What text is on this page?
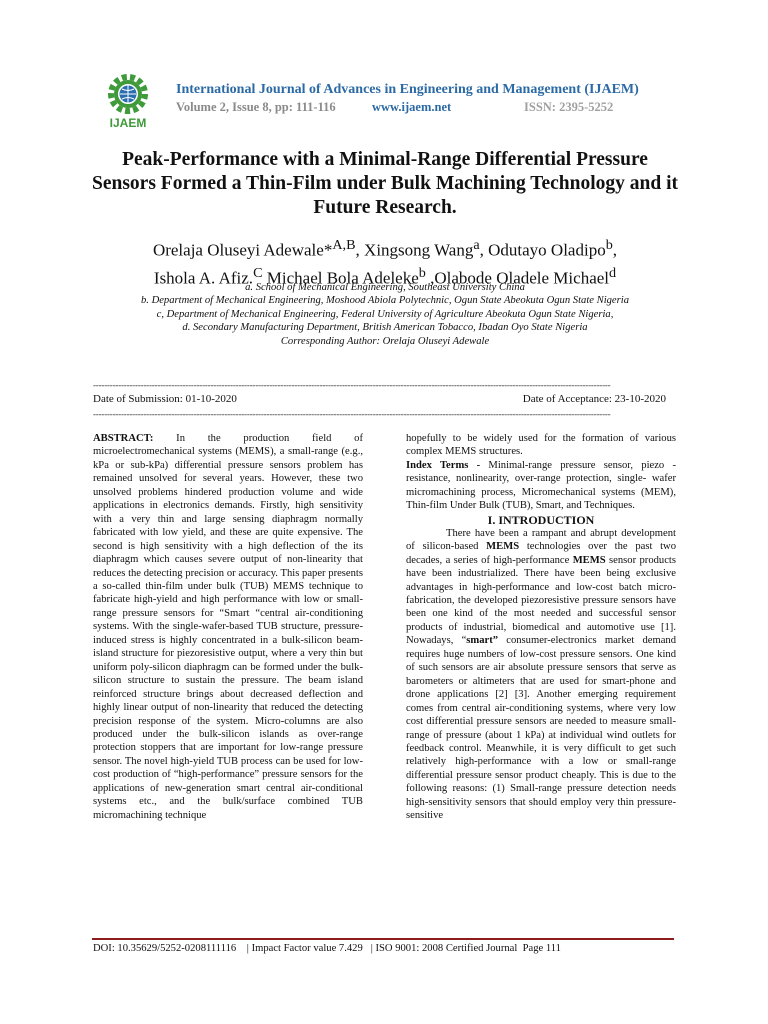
IJAEM
International Journal of Advances in Engineering and Management (IJAEM)
Volume 2, Issue 8, pp: 111-116	www.ijaem.net	ISSN: 2395-5252
Peak-Performance with a Minimal-Range Differential Pressure Sensors Formed a Thin-Film under Bulk Machining Technology and it Future Research.
Orelaja Oluseyi Adewale*$^{A,B}$, Xingsong Wang$^a$, Odutayo Oladipo$^b$,
Ishola A. Afiz.$^C$ Michael Bola Adeleke$^b$ ,Olabode Oladele Michael$^d$
a. School of Mechanical Engineering, Southeast University China
b. Department of Mechanical Engineering, Moshood Abiola Polytechnic, Ogun State Abeokuta Ogun State Nigeria
c, Department of Mechanical Engineering, Federal University of Agriculture Abeokuta Ogun State Nigeria,
d. Secondary Manufacturing Department, British American Tobacco, Ibadan Oyo State Nigeria
Corresponding Author: Orelaja Oluseyi Adewale
-----------------------------------------------------------------------------------------------------------------------------------------------------------------------------------------
Date of Submission: 01-10-2020	Date of Acceptance: 23-10-2020
-----------------------------------------------------------------------------------------------------------------------------------------------------------------------------------------

ABSTRACT: In the production field of microelectromechanical systems (MEMS), a small-range (e.g., kPa or sub-kPa) differential pressure sensors problem has remained unsolved for several years. However, these two unsolved problems hindered production volume and wide applications in electronics demands. Firstly, high sensitivity with a very thin and large sensing diaphragm normally fabricated with low yield, and these are quite expensive. The second is high sensitivity with a high deflection of the its diaphragm which causes severe output of non-linearity that reduces the detecting precision or accuracy. This paper presents a so-called thin-film under bulk (TUB) MEMS technique to fabricate high-yield and high performance with low or small-range pressure sensors for “Smart “central air-conditioning systems. With the single-wafer-based TUB structure, pressure-induced stress is highly concentrated in a bulk-silicon beam-island structure for piezoresistive output, where a very thin but uniform poly-silicon diaphragm can be formed under the bulk-silicon structure to sustain the pressure. The beam island reinforced structure brings about decreased deflection and highly linear output of non-linearity that reduced the detecting precision response of the system. Micro-columns are also produced under the bulk-silicon islands as over-range protection stoppers that are important for low-range pressure sensor. The novel high-yield TUB process can be used for low-cost production of “high-performance” pressure sensors for the applications of new-generation smart central air-conditional systems etc., and the bulk/surface combined TUB micromachining technique

hopefully to be widely used for the formation of various complex MEMS structures.

Index Terms - Minimal-range pressure sensor, piezo - resistance, nonlinearity, over-range protection, single- wafer micromachining process, Micromechanical systems (MEM), Thin-film Under Bulk (TUB), Smart, and Techniques.

I. INTRODUCTION

There have been a rampant and abrupt development of silicon-based MEMS technologies over the past two decades, a series of high-performance MEMS sensor products have been industrialized. There have been being exclusive advantages in high-performance and low-cost batch micro-fabrication, the developed piezoresistive pressure sensors have been one kind of the most needed and successful sensor products of industrial, biomedical and automotive use [1]. Nowadays, “smart” consumer-electronics market demand requires huge numbers of low-cost pressure sensors. One kind of such sensors are air absolute pressure sensors that serve as barometers or altimeters that are used for smart-phone and drone applications [2] [3]. Another emerging requirement comes from central air-conditioning systems, where very low cost differential pressure sensors are needed to measure small-range of pressure (about 1 kPa) at individual wind outlets for feedback control. Meanwhile, it is very difficult to get such relatively high-performance with a low or small-range differential pressure sensor product cheaply. This is due to the following reasons: (1) Small-range pressure detection needs high-sensitivity sensors that should employ very thin pressure-sensitive

DOI: 10.35629/5252-0208111116 | Impact Factor value 7.429 | ISO 9001: 2008 Certified Journal Page 111
